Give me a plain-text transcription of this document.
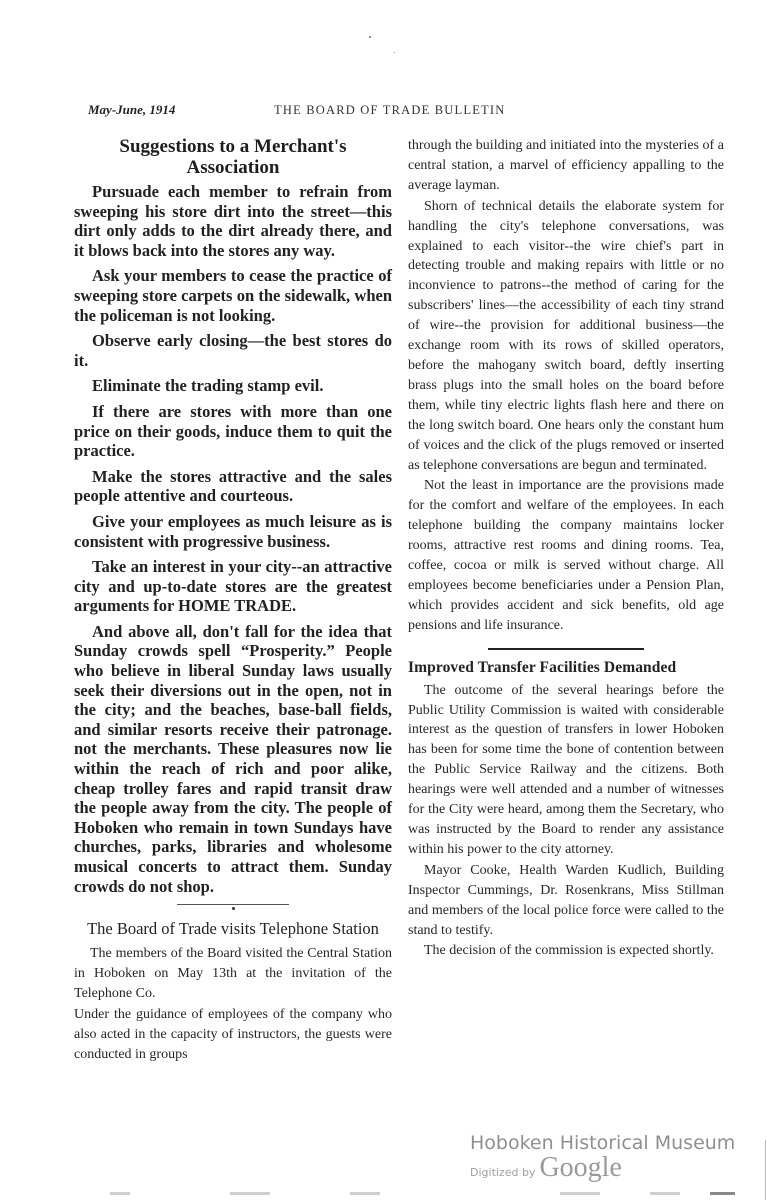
May-June, 1914	THE BOARD OF TRADE BULLETIN
Suggestions to a Merchant's Association

Pursuade each member to refrain from sweeping his store dirt into the street—this dirt only adds to the dirt already there, and it blows back into the stores any way.

Ask your members to cease the practice of sweeping store carpets on the sidewalk, when the policeman is not looking.

Observe early closing—the best stores do it.

Eliminate the trading stamp evil.

If there are stores with more than one price on their goods, induce them to quit the practice.

Make the stores attractive and the sales people attentive and courteous.

Give your employees as much leisure as is consistent with progressive business.

Take an interest in your city--an attractive city and up-to-date stores are the greatest arguments for HOME TRADE.

And above all, don't fall for the idea that Sunday crowds spell “Prosperity.” People who believe in liberal Sunday laws usually seek their diversions out in the open, not in the city; and the beaches, base-ball fields, and similar resorts receive their patronage. not the merchants. These pleasures now lie within the reach of rich and poor alike, cheap trolley fares and rapid transit draw the people away from the city. The people of Hoboken who remain in town Sundays have churches, parks, libraries and wholesome musical concerts to attract them. Sunday crowds do not shop.

The Board of Trade visits Telephone Station

The members of the Board visited the Central Station in Hoboken on May 13th at the invitation of the Telephone Co.

Under the guidance of employees of the company who also acted in the capacity of instructors, the guests were conducted in groups

through the building and initiated into the mysteries of a central station, a marvel of efficiency appalling to the average layman.

Shorn of technical details the elaborate system for handling the city's telephone conversations, was explained to each visitor--the wire chief's part in detecting trouble and making repairs with little or no inconvience to patrons--the method of caring for the subscribers' lines—the accessibility of each tiny strand of wire--the provision for additional business—the exchange room with its rows of skilled operators, before the mahogany switch board, deftly inserting brass plugs into the small holes on the board before them, while tiny electric lights flash here and there on the long switch board. One hears only the constant hum of voices and the click of the plugs removed or inserted as telephone conversations are begun and terminated.

Not the least in importance are the provisions made for the comfort and welfare of the employees. In each telephone building the company maintains locker rooms, attractive rest rooms and dining rooms. Tea, coffee, cocoa or milk is served without charge. All employees become beneficiaries under a Pension Plan, which provides accident and sick benefits, old age pensions and life insurance.

Improved Transfer Facilities Demanded

The outcome of the several hearings before the Public Utility Commission is waited with considerable interest as the question of transfers in lower Hoboken has been for some time the bone of contention between the Public Service Railway and the citizens. Both hearings were well attended and a number of witnesses for the City were heard, among them the Secretary, who was instructed by the Board to render any assistance within his power to the city attorney.

Mayor Cooke, Health Warden Kudlich, Building Inspector Cummings, Dr. Rosenkrans, Miss Stillman and members of the local police force were called to the stand to testify.

The decision of the commission is expected shortly.

Hoboken Historical Museum
Digitized by Google
